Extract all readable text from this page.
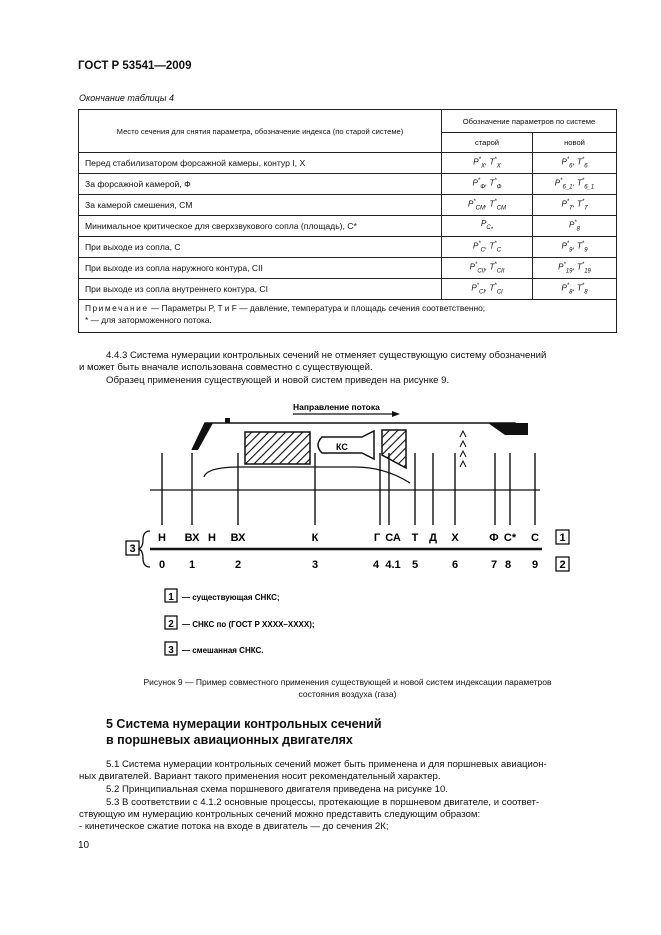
ГОСТ Р 53541—2009
Окончание таблицы 4
Место сечения для снятия параметра, обозначение индекса (по старой системе)	Обозначение параметров по системе	
	старой	новой
Перед стабилизатором форсажной камеры, контур I, X	$P^*_X$, $T^*_X$	$P^*_6$, $T^*_6$
За форсажной камерой, Ф	$P^*_Ф$, $T^*_Ф$	$P^*_{6\_1}$, $T^*_{6\_1}$
За камерой смешения, CM	$P^*_{CM}$, $T^*_{CM}$	$P^*_7$, $T^*_7$
Минимальное критическое для сверхзвукового сопла (площадь), C*	$P_{C_*}$	$P^*_8$
При выходе из сопла, C	$P^*_C$, $T^*_C$	$P^*_9$, $T^*_9$
При выходе из сопла наружного контура, CII	$P^*_{CII}$, $T^*_{CII}$	$P^*_{19}$, $T^*_{19}$
При выходе из сопла внутреннего контура, CI	$P^*_{CI}$, $T^*_{CI}$	$P^*_8$, $T^*_8$
Примечание — Параметры P, T и F — давление, температура и площадь сечения соответственно;
* — для заторможенного потока.		
4.4.3 Система нумерации контрольных сечений не отменяет существующую систему обозначений
и может быть вначале использована совместно с существующей.
Образец применения существующей и новой систем приведен на рисунке 9.
Направление потока
КС
Н ВХ Н ВХ	К	Г СА Т Д Х	Ф С* С 1
3
0 1	2	3	4 4.1 5	6	7 8 9 2
1 — существующая СНКС;
2 — СНКС по (ГОСТ Р ХХХХ–ХХХХ);
3 — смешанная СНКС.
Рисунок 9 — Пример совместного применения существующей и новой систем индексации параметров
состояния воздуха (газа)
5 Система нумерации контрольных сечений
в поршневых авиационных двигателях
5.1 Система нумерации контрольных сечений может быть применена и для поршневых авиацион-
ных двигателей. Вариант такого применения носит рекомендательный характер.
5.2 Принципиальная схема поршневого двигателя приведена на рисунке 10.
5.3 В соответствии с 4.1.2 основные процессы, протекающие в поршневом двигателе, и соответ-
ствующую им нумерацию контрольных сечений можно представить следующим образом:
- кинетическое сжатие потока на входе в двигатель — до сечения 2К;
10
